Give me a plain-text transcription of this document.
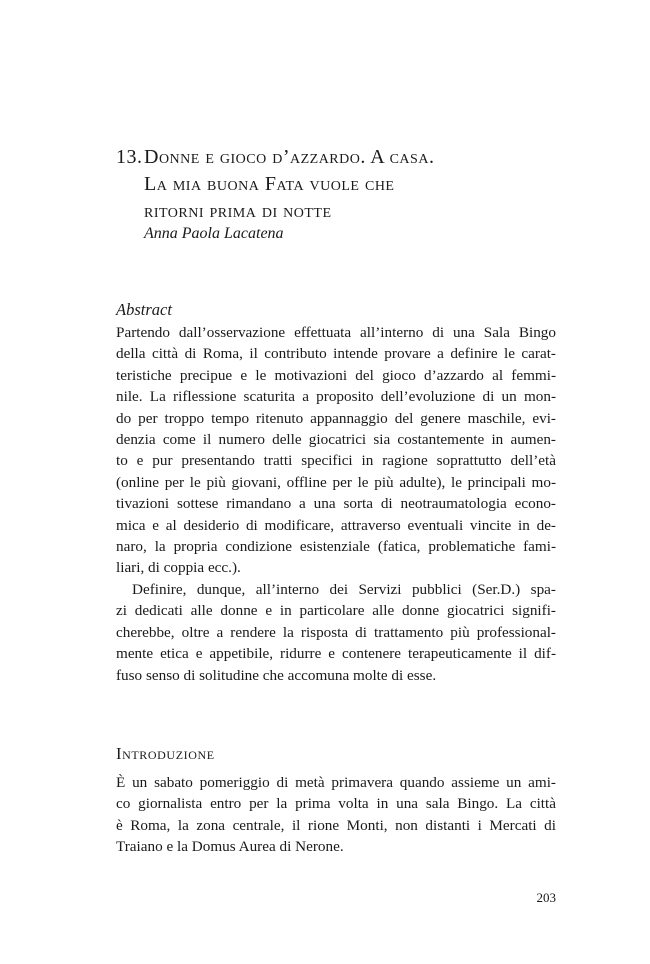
13.Donne e gioco d’azzardo. A casa.
La mia buona Fata vuole che
ritorni prima di notte
Anna Paola Lacatena
Abstract
Partendo dall’osservazione effettuata all’interno di una Sala Bingo
della città di Roma, il contributo intende provare a definire le carat-
teristiche precipue e le motivazioni del gioco d’azzardo al femmi-
nile. La riflessione scaturita a proposito dell’evoluzione di un mon-
do per troppo tempo ritenuto appannaggio del genere maschile, evi-
denzia come il numero delle giocatrici sia costantemente in aumen-
to e pur presentando tratti specifici in ragione soprattutto dell’età
(online per le più giovani, offline per le più adulte), le principali mo-
tivazioni sottese rimandano a una sorta di neotraumatologia econo-
mica e al desiderio di modificare, attraverso eventuali vincite in de-
naro, la propria condizione esistenziale (fatica, problematiche fami-
liari, di coppia ecc.).
Definire, dunque, all’interno dei Servizi pubblici (Ser.D.) spa-
zi dedicati alle donne e in particolare alle donne giocatrici signifi-
cherebbe, oltre a rendere la risposta di trattamento più professional-
mente etica e appetibile, ridurre e contenere terapeuticamente il dif-
fuso senso di solitudine che accomuna molte di esse.
Introduzione
È un sabato pomeriggio di metà primavera quando assieme un ami-
co giornalista entro per la prima volta in una sala Bingo. La città
è Roma, la zona centrale, il rione Monti, non distanti i Mercati di
Traiano e la Domus Aurea di Nerone.
203
